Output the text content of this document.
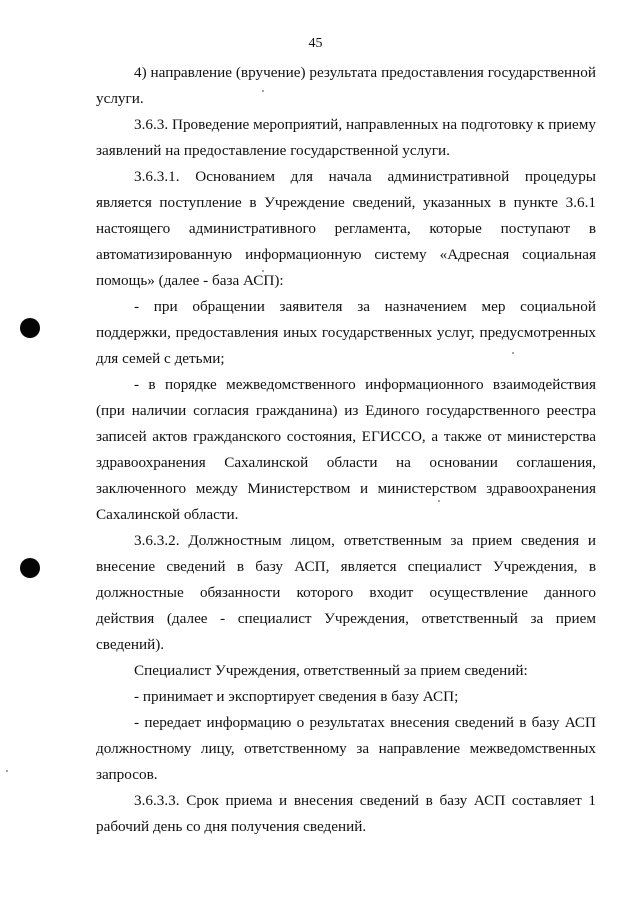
45

4) направление (вручение) результата предоставления государственной услуги.

3.6.3. Проведение мероприятий, направленных на подготовку к приему заявлений на предоставление государственной услуги.

3.6.3.1. Основанием для начала административной процедуры является поступление в Учреждение сведений, указанных в пункте 3.6.1 настоящего административного регламента, которые поступают в автоматизированную информационную систему «Адресная социальная помощь» (далее - база АСП):

- при обращении заявителя за назначением мер социальной поддержки, предоставления иных государственных услуг, предусмотренных для семей с детьми;

- в порядке межведомственного информационного взаимодействия (при наличии согласия гражданина) из Единого государственного реестра записей актов гражданского состояния, ЕГИССО, а также от министерства здравоохранения Сахалинской области на основании соглашения, заключенного между Министерством и министерством здравоохранения Сахалинской области.

3.6.3.2. Должностным лицом, ответственным за прием сведения и внесение сведений в базу АСП, является специалист Учреждения, в должностные обязанности которого входит осуществление данного действия (далее - специалист Учреждения, ответственный за прием сведений).

Специалист Учреждения, ответственный за прием сведений:

- принимает и экспортирует сведения в базу АСП;

- передает информацию о результатах внесения сведений в базу АСП должностному лицу, ответственному за направление межведомственных запросов.

3.6.3.3. Срок приема и внесения сведений в базу АСП составляет 1 рабочий день со дня получения сведений.
